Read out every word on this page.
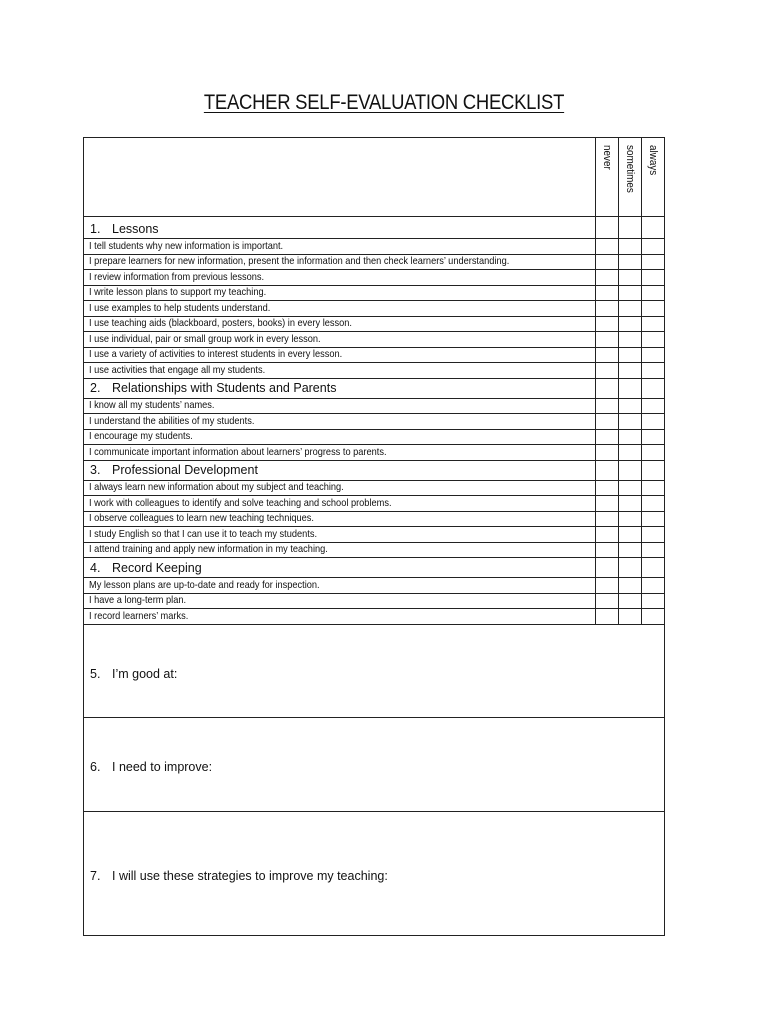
TEACHER SELF-EVALUATION CHECKLIST

	never	sometimes	always

1. Lessons			
I tell students why new information is important.			
I prepare learners for new information, present the information and then check learners’ understanding.			
I review information from previous lessons.			
I write lesson plans to support my teaching.			
I use examples to help students understand.			
I use teaching aids (blackboard, posters, books) in every lesson.			
I use individual, pair or small group work in every lesson.			
I use a variety of activities to interest students in every lesson.			
I use activities that engage all my students.			
2. Relationships with Students and Parents			
I know all my students’ names.			
I understand the abilities of my students.			
I encourage my students.			
I communicate important information about learners’ progress to parents.			
3. Professional Development			
I always learn new information about my subject and teaching.			
I work with colleagues to identify and solve teaching and school problems.			
I observe colleagues to learn new teaching techniques.			
I study English so that I can use it to teach my students.			
I attend training and apply new information in my teaching.			
4. Record Keeping			
My lesson plans are up-to-date and ready for inspection.			
I have a long-term plan.			
I record learners’ marks.			

5. I’m good at:			

6. I need to improve:			

7. I will use these strategies to improve my teaching:			
